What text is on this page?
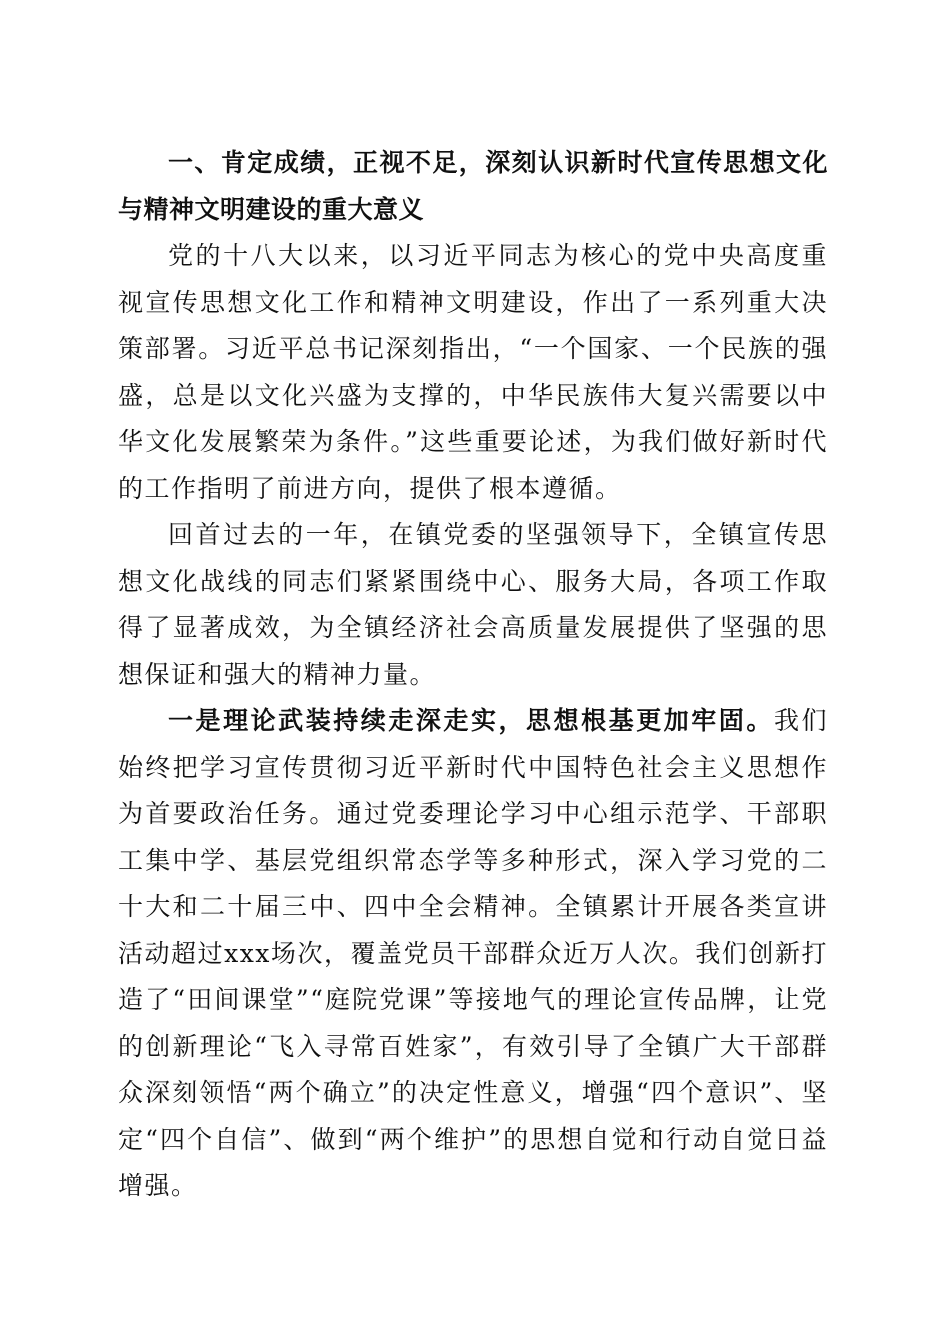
一、肯定成绩，正视不足，深刻认识新时代宣传思想文化与精神文明建设的重大意义

党的十八大以来，以习近平同志为核心的党中央高度重视宣传思想文化工作和精神文明建设，作出了一系列重大决策部署。习近平总书记深刻指出，“一个国家、一个民族的强盛，总是以文化兴盛为支撑的，中华民族伟大复兴需要以中华文化发展繁荣为条件。”这些重要论述，为我们做好新时代的工作指明了前进方向，提供了根本遵循。

回首过去的一年，在镇党委的坚强领导下，全镇宣传思想文化战线的同志们紧紧围绕中心、服务大局，各项工作取得了显著成效，为全镇经济社会高质量发展提供了坚强的思想保证和强大的精神力量。

一是理论武装持续走深走实，思想根基更加牢固。我们始终把学习宣传贯彻习近平新时代中国特色社会主义思想作为首要政治任务。通过党委理论学习中心组示范学、干部职工集中学、基层党组织常态学等多种形式，深入学习党的二十大和二十届三中、四中全会精神。全镇累计开展各类宣讲活动超过xxx场次，覆盖党员干部群众近万人次。我们创新打造了“田间课堂”“庭院党课”等接地气的理论宣传品牌，让党的创新理论“飞入寻常百姓家”，有效引导了全镇广大干部群众深刻领悟“两个确立”的决定性意义，增强“四个意识”、坚定“四个自信”、做到“两个维护”的思想自觉和行动自觉日益增强。
